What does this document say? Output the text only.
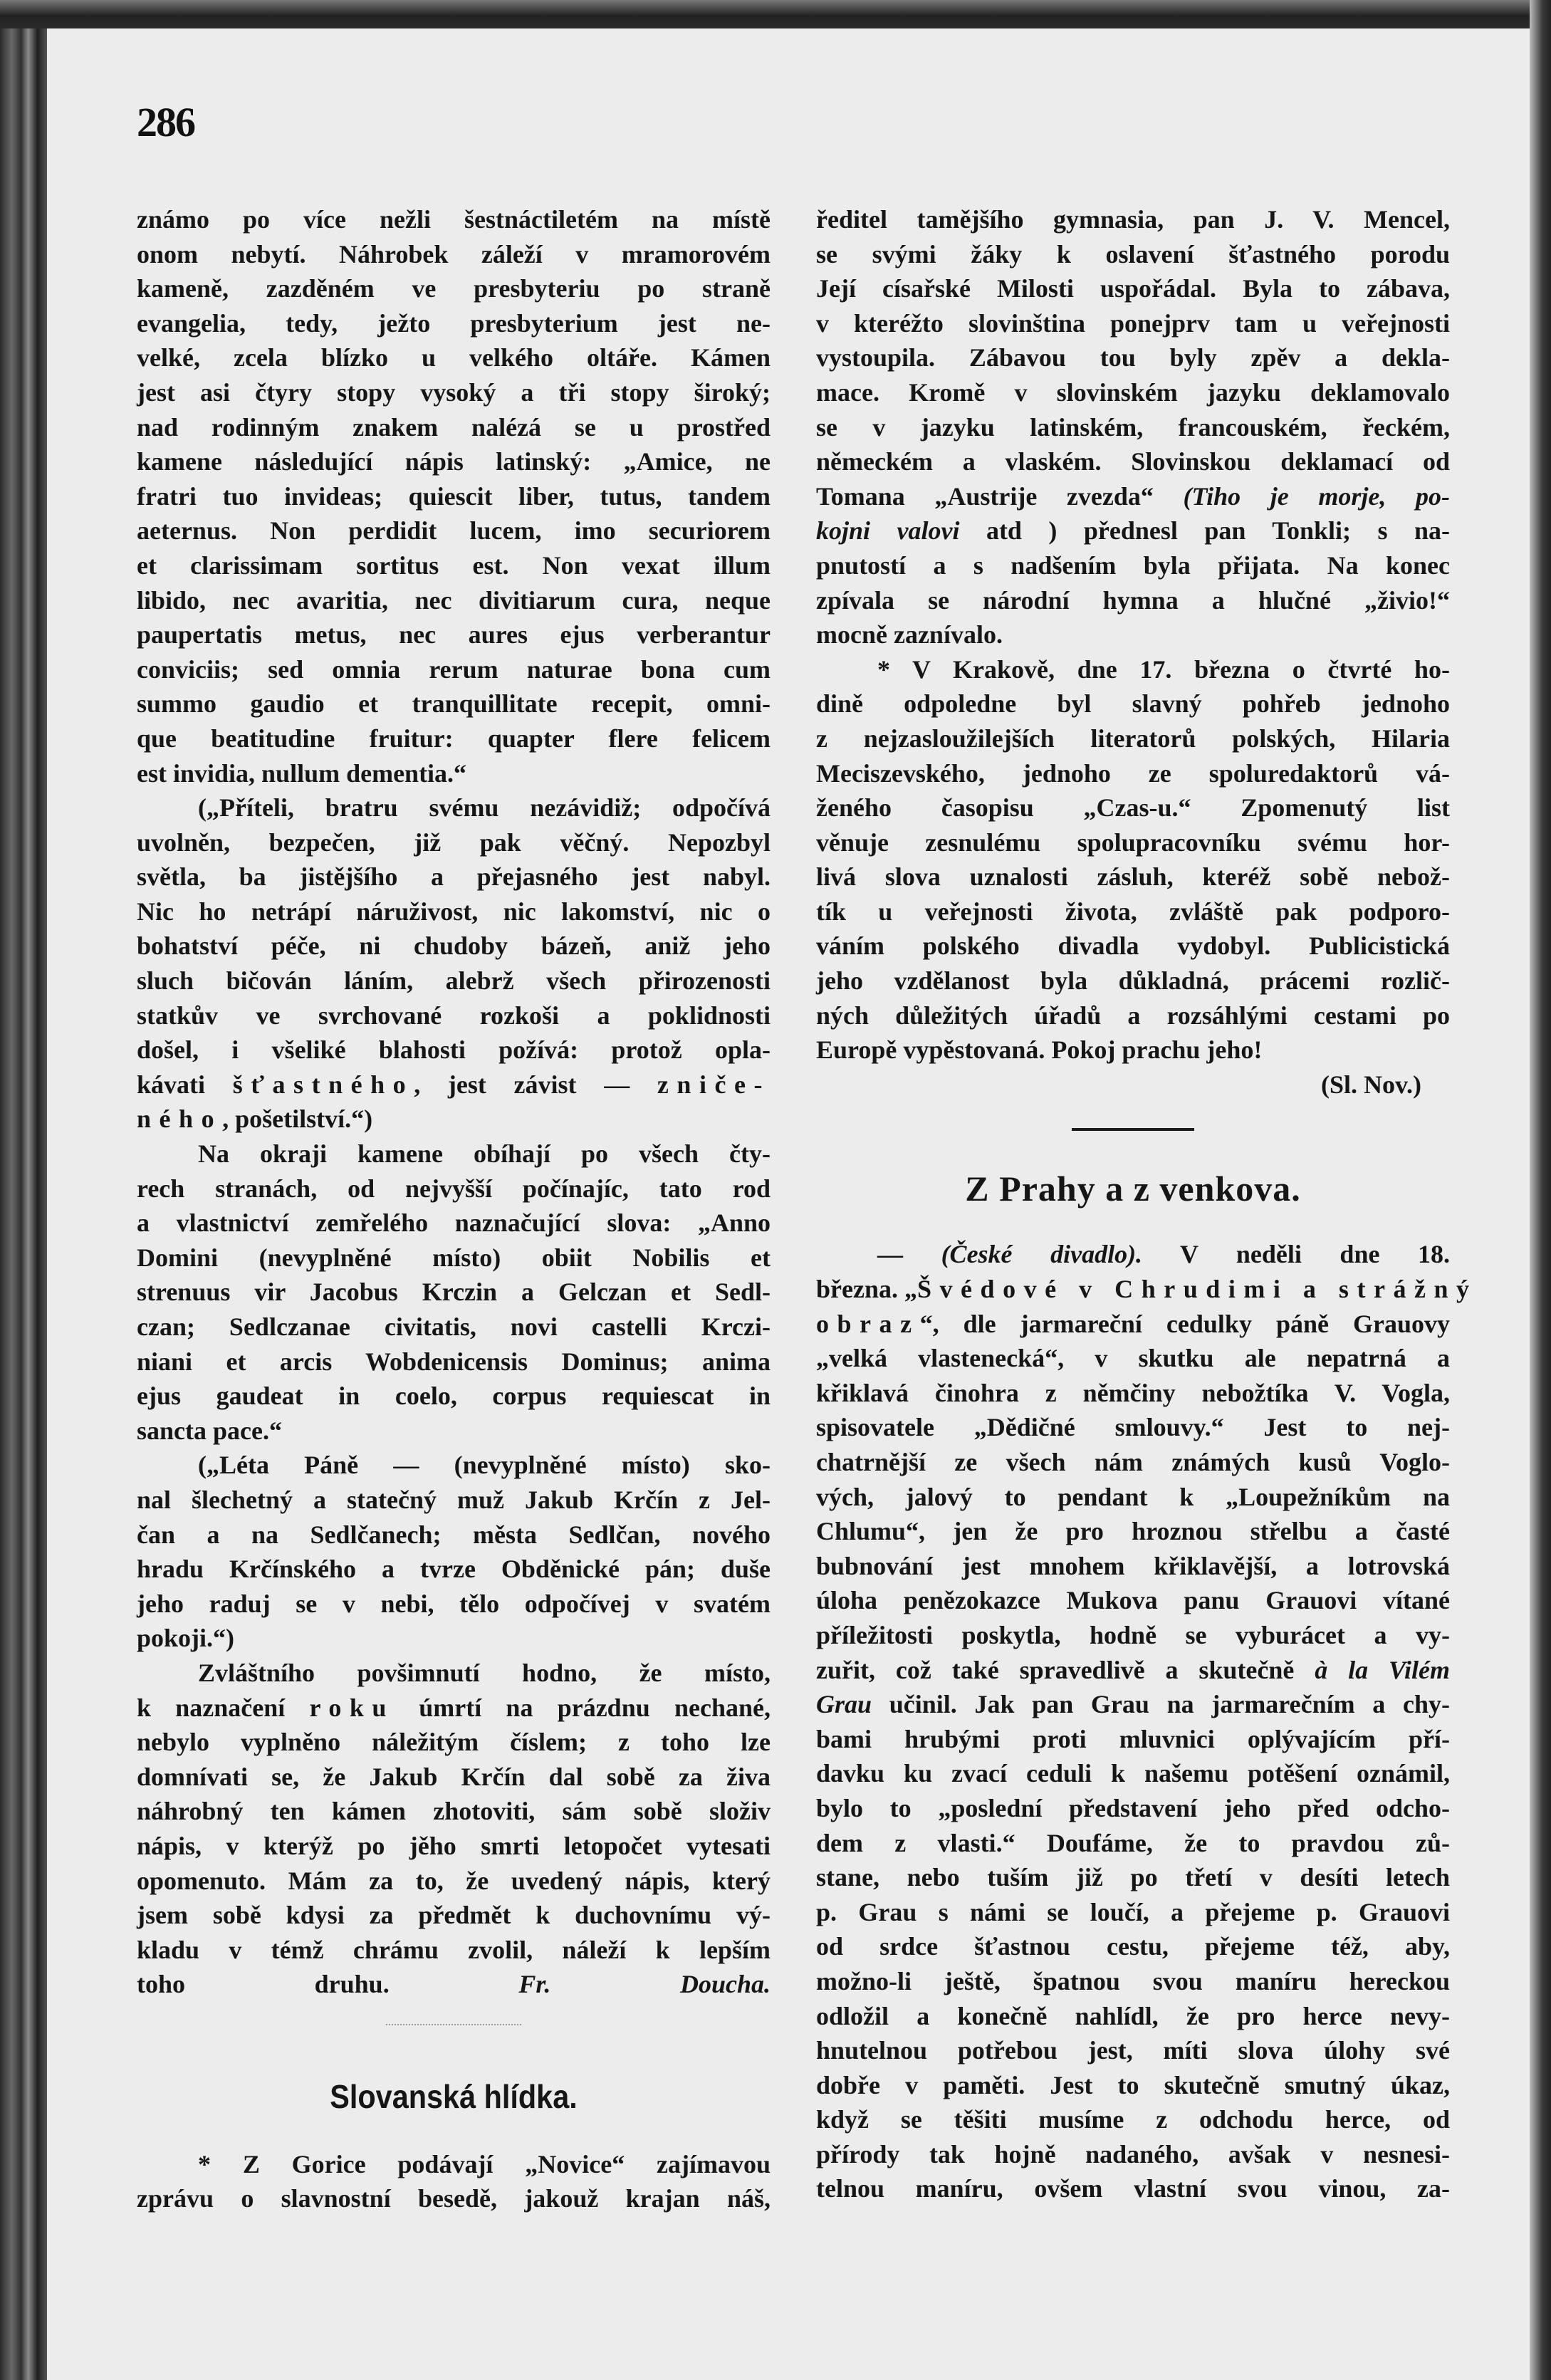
286
známo po více nežli šestnáctiletém na místě
onom nebytí. Náhrobek záleží v mramorovém
kameně, zazděném ve presbyteriu po straně
evangelia, tedy, ježto presbyterium jest ne-
velké, zcela blízko u velkého oltáře. Kámen
jest asi čtyry stopy vysoký a tři stopy široký;
nad rodinným znakem nalézá se u prostřed
kamene následující nápis latinský: „Amice, ne
fratri tuo invideas; quiescit liber, tutus, tandem
aeternus. Non perdidit lucem, imo securiorem
et clarissimam sortitus est. Non vexat illum
libido, nec avaritia, nec divitiarum cura, neque
paupertatis metus, nec aures ejus verberantur
conviciis; sed omnia rerum naturae bona cum
summo gaudio et tranquillitate recepit, omni-
que beatitudine fruitur: quapter flere felicem
est invidia, nullum dementia.“
(„Příteli, bratru svému nezávidiž; odpočívá
uvolněn, bezpečen, již pak věčný. Nepozbyl
světla, ba jistějšího a přejasného jest nabyl.
Nic ho netrápí náruživost, nic lakomství, nic o
bohatství péče, ni chudoby bázeň, aniž jeho
sluch bičován láním, alebrž všech přirozenosti
statkův ve svrchované rozkoši a poklidnosti
došel, i všeliké blahosti požívá: protož opla-
kávati šťastného, jest závist — zniče-
ného, pošetilství.“)
Na okraji kamene obíhají po všech čty-
rech stranách, od nejvyšší počínajíc, tato rod
a vlastnictví zemřelého naznačující slova: „Anno
Domini (nevyplněné místo) obiit Nobilis et
strenuus vir Jacobus Krczin a Gelczan et Sedl-
czan; Sedlczanae civitatis, novi castelli Krczi-
niani et arcis Wobdenicensis Dominus; anima
ejus gaudeat in coelo, corpus requiescat in
sancta pace.“
(„Léta Páně — (nevyplněné místo) sko-
nal šlechetný a statečný muž Jakub Krčín z Jel-
čan a na Sedlčanech; města Sedlčan, nového
hradu Krčínského a tvrze Obděnické pán; duše
jeho raduj se v nebi, tělo odpočívej v svatém
pokoji.“)
Zvláštního povšimnutí hodno, že místo,
k naznačení roku úmrtí na prázdnu nechané,
nebylo vyplněno náležitým číslem; z toho lze
domnívati se, že Jakub Krčín dal sobě za živa
náhrobný ten kámen zhotoviti, sám sobě složiv
nápis, v kterýž po jěho smrti letopočet vytesati
opomenuto. Mám za to, že uvedený nápis, který
jsem sobě kdysi za předmět k duchovnímu vý-
kladu v témž chrámu zvolil, náleží k lepším
toho druhu. Fr. Doucha.
Slovanská hlídka.
* Z Gorice podávají „Novice“ zajímavou
zprávu o slavnostní besedě, jakouž krajan náš,
ředitel tamějšího gymnasia, pan J. V. Mencel,
se svými žáky k oslavení šťastného porodu
Její císařské Milosti uspořádal. Byla to zábava,
v kteréžto slovinština ponejprv tam u veřejnosti
vystoupila. Zábavou tou byly zpěv a dekla-
mace. Kromě v slovinském jazyku deklamovalo
se v jazyku latinském, francouském, řeckém,
německém a vlaském. Slovinskou deklamací od
Tomana „Austrije zvezda“ (Tiho je morje, po-
kojni valovi atd ) přednesl pan Tonkli; s na-
pnutostí a s nadšením byla přijata. Na konec
zpívala se národní hymna a hlučné „živio!“
mocně zaznívalo.
* V Krakově, dne 17. března o čtvrté ho-
dině odpoledne byl slavný pohřeb jednoho
z nejzasloužilejších literatorů polských, Hilaria
Meciszevského, jednoho ze spoluredaktorů vá-
ženého časopisu „Czas-u.“ Zpomenutý list
věnuje zesnulému spolupracovníku svému hor-
livá slova uznalosti zásluh, kteréž sobě nebož-
tík u veřejnosti života, zvláště pak podporo-
váním polského divadla vydobyl. Publicistická
jeho vzdělanost byla důkladná, prácemi rozlič-
ných důležitých úřadů a rozsáhlými cestami po
Europě vypěstovaná. Pokoj prachu jeho!
(Sl. Nov.)
Z Prahy a z venkova.
— (České divadlo). V neděli dne 18.
března. „Švédové v Chrudimi a strážný
obraz“, dle jarmareční cedulky páně Grauovy
„velká vlastenecká“, v skutku ale nepatrná a
křiklavá činohra z němčiny nebožtíka V. Vogla,
spisovatele „Dědičné smlouvy.“ Jest to nej-
chatrnější ze všech nám známých kusů Voglo-
vých, jalový to pendant k „Loupežníkům na
Chlumu“, jen že pro hroznou střelbu a časté
bubnování jest mnohem křiklavější, a lotrovská
úloha penězokazce Mukova panu Grauovi vítané
příležitosti poskytla, hodně se vyburácet a vy-
zuřit, což také spravedlivě a skutečně à la Vilém
Grau učinil. Jak pan Grau na jarmarečním a chy-
bami hrubými proti mluvnici oplývajícím pří-
davku ku zvací ceduli k našemu potěšení oznámil,
bylo to „poslední představení jeho před odcho-
dem z vlasti.“ Doufáme, že to pravdou zů-
stane, nebo tuším již po třetí v desíti letech
p. Grau s námi se loučí, a přejeme p. Grauovi
od srdce šťastnou cestu, přejeme též, aby,
možno-li ještě, špatnou svou maníru hereckou
odložil a konečně nahlídl, že pro herce nevy-
hnutelnou potřebou jest, míti slova úlohy své
dobře v paměti. Jest to skutečně smutný úkaz,
když se těšiti musíme z odchodu herce, od
přírody tak hojně nadaného, avšak v nesnesi-
telnou maníru, ovšem vlastní svou vinou, za-
